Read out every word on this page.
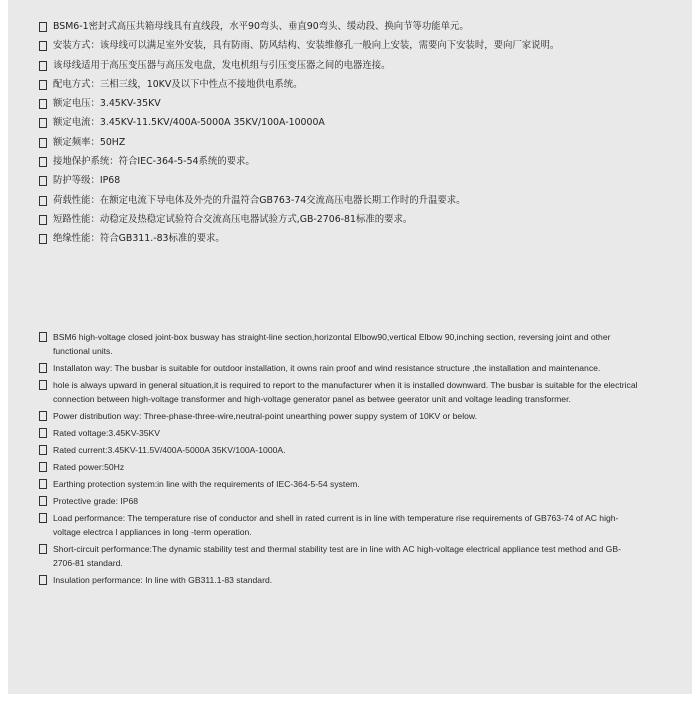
BSM6-1密封式高压共箱母线具有直线段，水平90弯头、垂直90弯头、缓动段、换向节等功能单元。
安装方式：该母线可以满足室外安装，具有防雨、防风结构、安装维修孔一般向上安装，需要向下安装时，要向厂家说明。
该母线适用于高压变压器与高压发电盘，发电机组与引压变压器之间的电器连接。
配电方式：三相三线，10KV及以下中性点不接地供电系统。
额定电压：3.45KV-35KV
额定电流：3.45KV-11.5KV/400A-5000A 35KV/100A-10000A
额定频率：50HZ
接地保护系统：符合IEC-364-5-54系统的要求。
防护等级：IP68
荷载性能：在额定电流下导电体及外壳的升温符合GB763-74交流高压电器长期工作时的升温要求。
短路性能：动稳定及热稳定试验符合交流高压电器试验方式,GB-2706-81标准的要求。
绝缘性能：符合GB311.-83标准的要求。
BSM6 high-voltage closed joint-box busway has straight-line section,horizontal Elbow90,vertical Elbow 90,inching section, reversing joint and other functional units.
Installaton way: The busbar is suitable for outdoor installation, it owns rain proof and wind resistance structure ,the installation and maintenance.
hole is always upward in general situation,it is required to report to the manufacturer when it is installed downward. The busbar is suitable for the electrical connection between high-voltage transformer and high-voltage generator panel as betwee geerator unit and voltage leading transformer.
Power distribution way: Three-phase-three-wire,neutral-point unearthing power suppy system of 10KV or below.
Rated voltage:3.45KV-35KV
Rated current:3.45KV-11.5V/400A-5000A 35KV/100A-1000A.
Rated power:50Hz
Earthing protection system:in line with the requirements of IEC-364-5-54 system.
Protective grade: IP68
Load performance: The temperature rise of conductor and shell in rated current is in line with temperature rise requirements of GB763-74 of AC high-voltage electrca l appliances in long -term operation.
Short-circuit performance:The dynamic stability test and thermal stability test are in line with AC high-voltage electrical appliance test method and GB-2706-81 standard.
Insulation performance: In line with GB311.1-83 standard.
